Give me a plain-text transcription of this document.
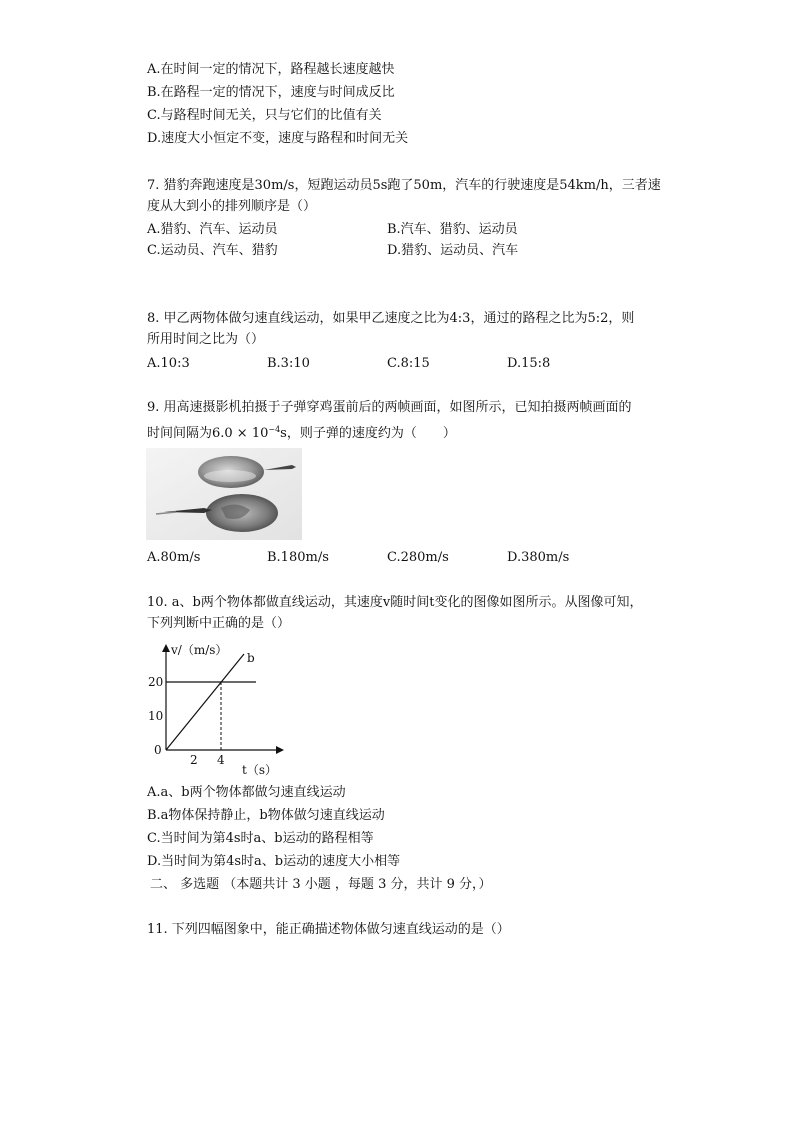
A.在时间一定的情况下，路程越长速度越快
B.在路程一定的情况下，速度与时间成反比
C.与路程时间无关，只与它们的比值有关
D.速度大小恒定不变，速度与路程和时间无关
7. 猎豹奔跑速度是30m/s，短跑运动员5s跑了50m，汽车的行驶速度是54km/h，三者速
度从大到小的排列顺序是（）
A.猎豹、汽车、运动员	B.汽车、猎豹、运动员
C.运动员、汽车、猎豹	D.猎豹、运动员、汽车
8. 甲乙两物体做匀速直线运动，如果甲乙速度之比为4:3，通过的路程之比为5:2，则
所用时间之比为（）
A.10:3	B.3:10	C.8:15	D.15:8
9. 用高速摄影机拍摄于子弹穿鸡蛋前后的两帧画面，如图所示，已知拍摄两帧画面的
时间间隔为$6.0 \times 10^{-4}s$，则子弹的速度约为（　　）
A.80m/s	B.180m/s	C.280m/s	D.380m/s
10. a、b两个物体都做直线运动，其速度v随时间t变化的图像如图所示。从图像可知，
下列判断中正确的是（）
v/（m/s）
b
20
10
0
2 4
t（s）
A.a、b两个物体都做匀速直线运动
B.a物体保持静止，b物体做匀速直线运动
C.当时间为第4s时a、b运动的路程相等
D.当时间为第4s时a、b运动的速度大小相等
二、 多选题 （本题共计 3 小题 ，每题 3 分，共计 9 分，）
11. 下列四幅图象中，能正确描述物体做匀速直线运动的是（）
